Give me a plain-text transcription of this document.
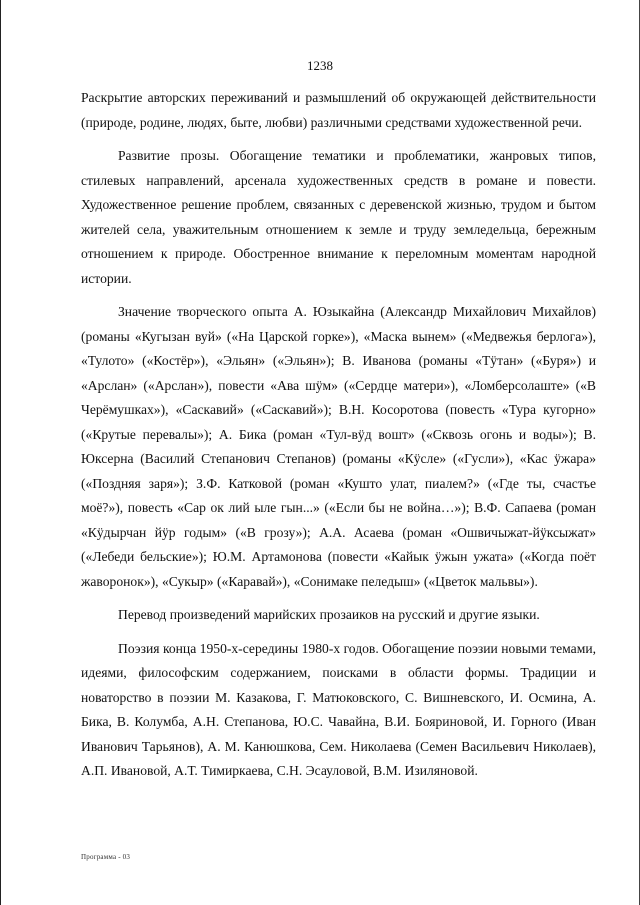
1238

Раскрытие авторских переживаний и размышлений об окружающей действительности (природе, родине, людях, быте, любви) различными средствами художественной речи.

Развитие прозы. Обогащение тематики и проблематики, жанровых типов, стилевых направлений, арсенала художественных средств в романе и повести. Художественное решение проблем, связанных с деревенской жизнью, трудом и бытом жителей села, уважительным отношением к земле и труду земледельца, бережным отношением к природе. Обостренное внимание к переломным моментам народной истории.

Значение творческого опыта А. Юзыкайна (Александр Михайлович Михайлов) (романы «Кугызан вуй» («На Царской горке»), «Маска вынем» («Медвежья берлога»), «Тулото» («Костёр»), «Эльян» («Эльян»); В. Иванова (романы «Тӱтан» («Буря») и «Арслан» («Арслан»), повести «Ава шӱм» («Сердце матери»), «Ломберсолаште» («В Черёмушках»), «Саскавий» («Саскавий»); В.Н. Косоротова (повесть «Тура кугорно» («Крутые перевалы»); А. Бика (роман «Тул-вӱд вошт» («Сквозь огонь и воды»); В. Юксерна (Василий Степанович Степанов) (романы «Кӱсле» («Гусли»), «Кас ӱжара» («Поздняя заря»); З.Ф. Катковой (роман «Кушто улат, пиалем?» («Где ты, счастье моё?»), повесть «Сар ок лий ыле гын...» («Если бы не война…»); В.Ф. Сапаева (роман «Кӱдырчан йӱр годым» («В грозу»); А.А. Асаева (роман «Ошвичыжат-йӱксыжат» («Лебеди бельские»); Ю.М. Артамонова (повести «Кайык ӱжын ужата» («Когда поёт жаворонок»), «Сукыр» («Каравай»), «Сонимаке пеледыш» («Цветок мальвы»).

Перевод произведений марийских прозаиков на русский и другие языки.

Поэзия конца 1950-х-середины 1980-х годов. Обогащение поэзии новыми темами, идеями, философским содержанием, поисками в области формы. Традиции и новаторство в поэзии М. Казакова, Г. Матюковского, С. Вишневского, И. Осмина, А. Бика, В. Колумба, А.Н. Степанова, Ю.С. Чавайна, В.И. Бояриновой, И. Горного (Иван Иванович Тарьянов), А. М. Канюшкова, Сем. Николаева (Семен Васильевич Николаев), А.П. Ивановой, А.Т. Тимиркаева, С.Н. Эсауловой, В.М. Изиляновой.

Программа - 03
